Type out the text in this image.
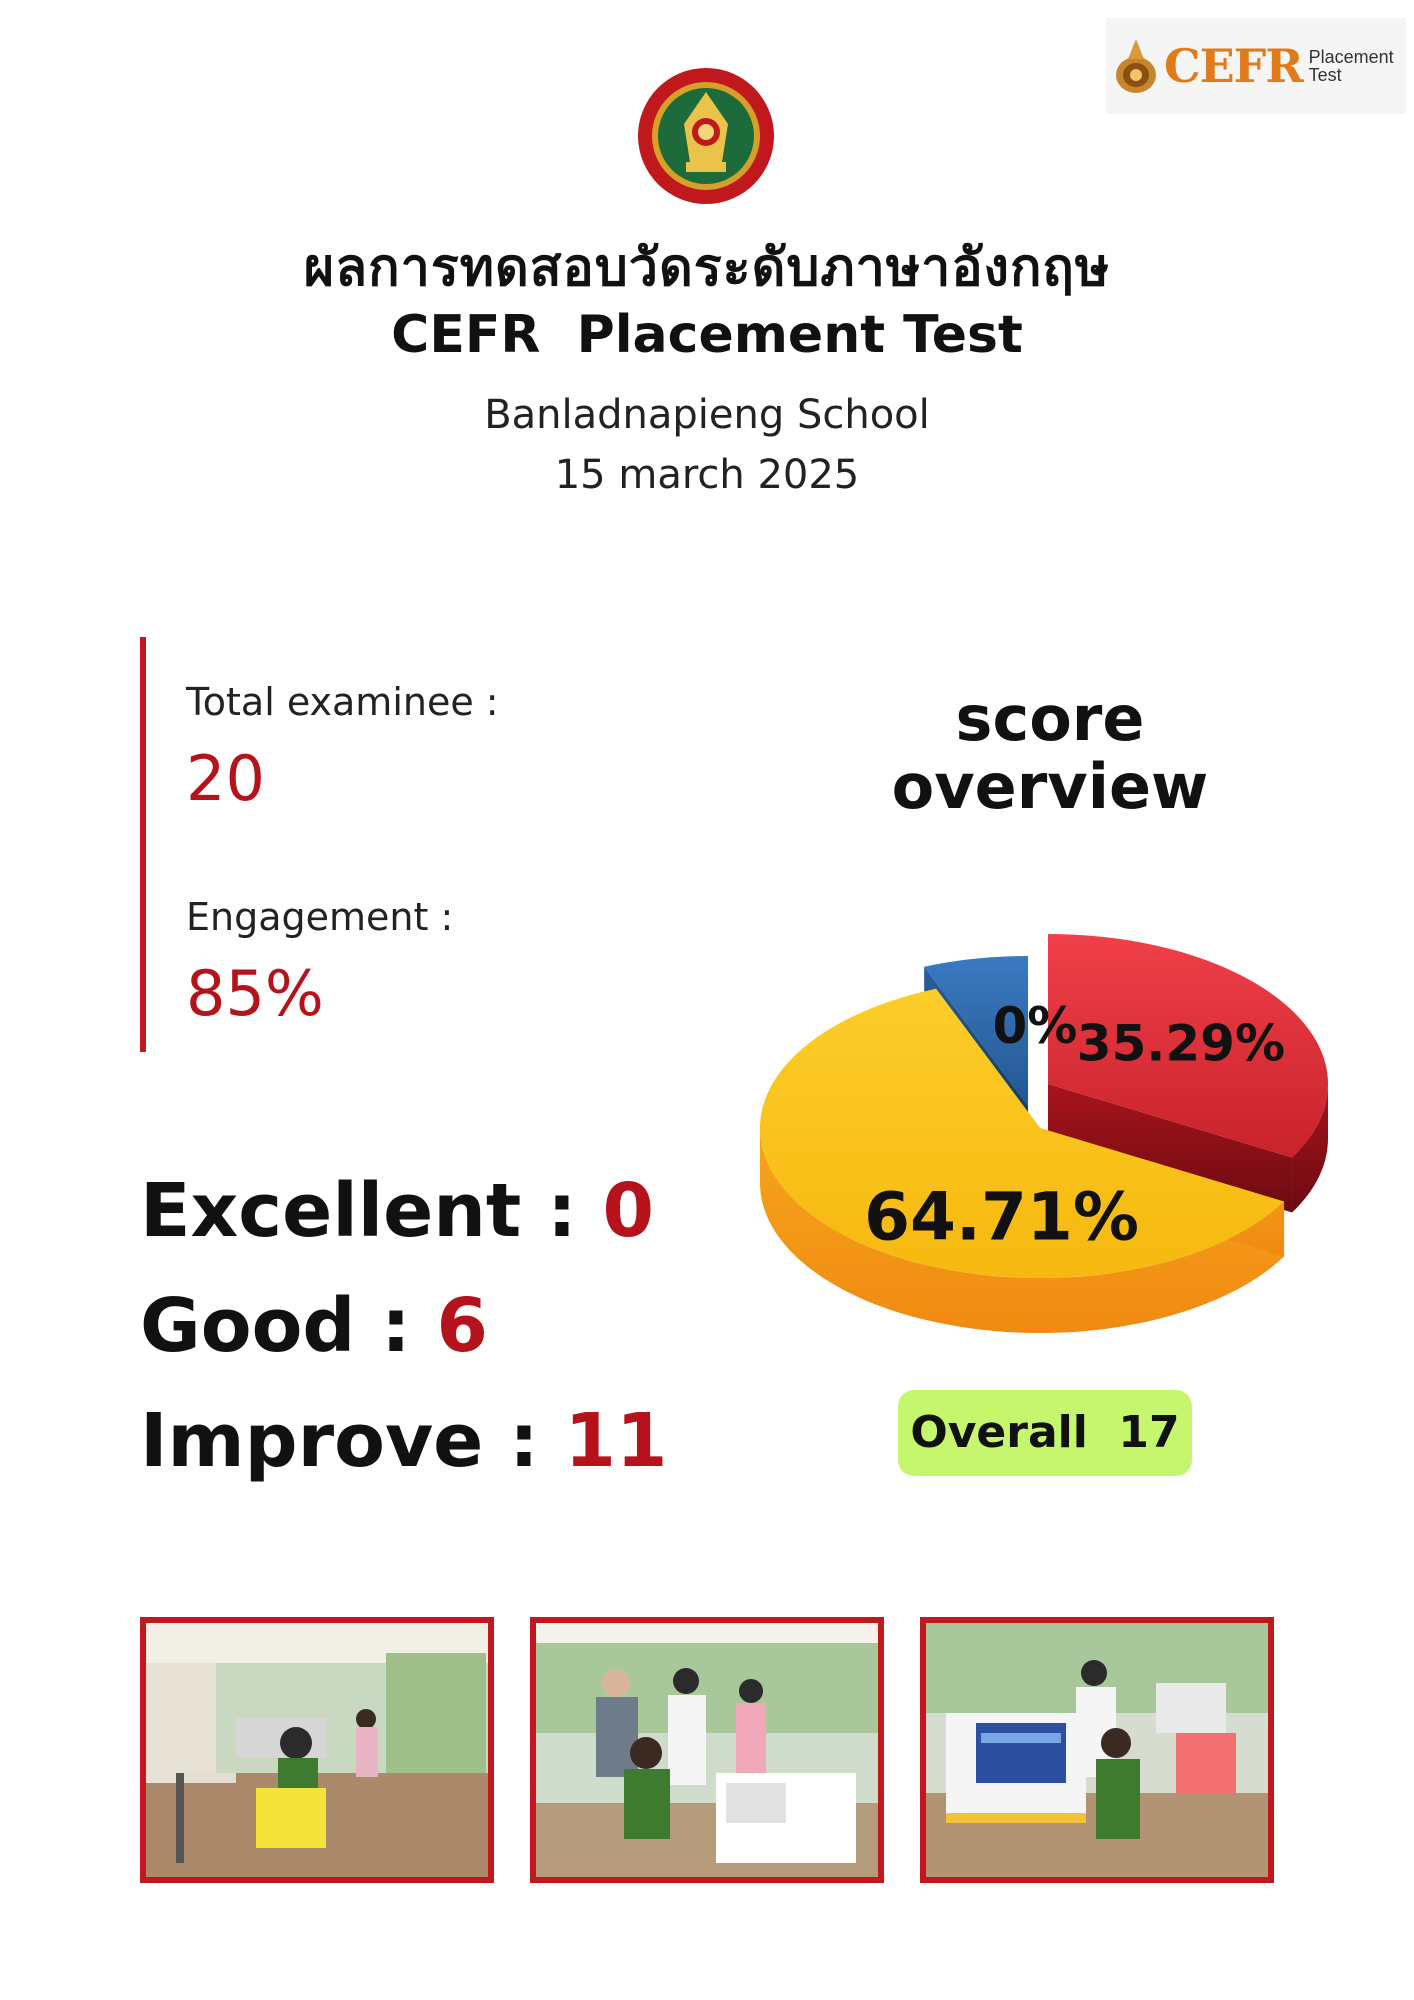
CEFR Placement
Test
ผลการทดสอบวัดระดับภาษาอังกฤษ
CEFR  Placement Test
Banladnapieng School
15 march 2025
Total examinee :
20
Engagement :
85%
Excellent : 0
Good : 6
Improve : 11
score
overview
35.29%
64.71%
0%
Overall  17
